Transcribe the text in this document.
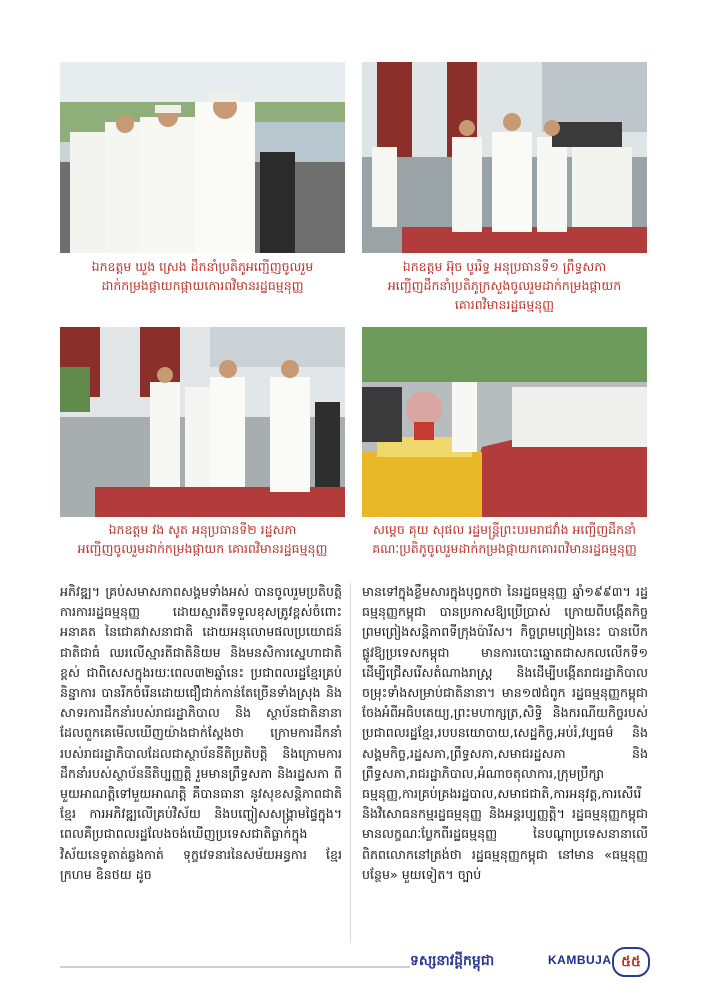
ឯកឧត្ដម ឃួង ស្រេង ដឹកនាំប្រតិភូអញ្ជើញចូលរួម
ដាក់កម្រងផ្កាយកផ្កាយកោរពវិមានរដ្ឋធម្មនុញ្ញ
ឯកឧត្ដម អ៊ុច បូររិទ្ធ អនុប្រធានទី១ ព្រឹទ្ធសភា
អញ្ជើញដឹកនាំប្រតិភូក្រសួងចូលរួមដាក់កម្រងផ្កាយក
គោរពវិមានរដ្ឋធម្មនុញ្ញ
ឯកឧត្ដម វង សូត អនុប្រធានទី២ រដ្ឋសភា
អញ្ជើញចូលរួមដាក់កម្រងផ្កាយក គោរពវិមានរដ្ឋធម្មនុញ្ញ
សម្ដេច គុយ សុផល រដ្ឋមន្ត្រីព្រះបរមរាជវាំង អញ្ជើញដឹកនាំ
គណៈប្រតិភូចូលរួមដាក់កម្រងផ្កាយកគោរពវិមានរដ្ឋធម្មនុញ្ញ

អភិវឌ្ឍ។ គ្រប់សមាសភាពសង្គមទាំងអស់ បានចូលរួមប្រតិបត្តិ ការការរដ្ឋធម្មនុញ្ញ ដោយស្មារតីទទួលខុសត្រូវខ្ពស់ចំពោះអនាគត នៃជោគវាសនាជាតិ ដោយអនុលោមផលប្រយោជន៍ជាតិជាធំ ឈរលើស្មារតីជាតិនិយម និងមនសិការស្នេហាជាតិខ្ពស់ ជាពិសេសក្នុងរយៈពេល៣២ឆ្នាំនេះ ប្រជាពលរដ្ឋខ្មែរគ្រប់និន្នាការ បានរីកចំរើនដោយជឿជាក់កាន់តែច្រើនទាំងស្រុង និងសាទរការដឹកនាំរបស់រាជរដ្ឋាភិបាល និង ស្ថាប័នជាតិនានា ដែលពួកគេមើលឃើញយ៉ាងជាក់ស្ដែងថា ក្រោមការដឹកនាំរបស់រាជរដ្ឋាភិបាលដែលជាស្ថាប័ននីតិប្រតិបត្តិ និងក្រោមការដឹកនាំរបស់ស្ថាប័ននីតិប្បញ្ញត្តិ រួមមានព្រឹទ្ធសភា និងរដ្ឋសភា ពីមួយអាណត្តិទៅមួយអាណត្តិ គឺបានធានា នូវសុខសន្តិភាពជាតិខ្មែរ ការអភិវឌ្ឍលើគ្រប់វិស័យ និងបញ្ចៀសសង្គ្រាមផ្ទៃក្នុង។ ពេលគឺប្រជាពលរដ្ឋលែងចង់ឃើញប្រទេសជាតិធ្លាក់ក្នុងវិស័យនេទូតាត់ឆ្លងកាត់ ទុក្ខវេទនារនៃសម័យអន្ធការ ខ្មែរក្រហម ឧិនថយ ដូច

មានទៅក្នុងខ្លឹមសារក្នុងបុព្វកថា នៃរដ្ឋធម្មនុញ្ញ ឆ្នាំ១៩៩៣។ រដ្ឋធម្មនុញ្ញកម្ពុជា បានប្រកាសឱ្យប្រើប្រាស់ ក្រោយពីបង្កើតកិច្ចព្រមព្រៀងសន្តិភាពទីក្រុងប៉ារីស។ កិច្ចព្រមព្រៀងនេះ បានបើកផ្លូវឱ្យប្រទេសកម្ពុជា មានការបោះឆ្នោតជាសកលលើកទី១ ដើម្បីជ្រើសរើសតំណាងរាស្ត្រ និងដើម្បីបង្កើតរាជរដ្ឋាភិបាលចម្រុះទាំងសម្រាប់ជាតិនានា។ មាន១៧ជំពូក រដ្ឋធម្មនុញ្ញកម្ពុជា ចែងអំពីអធិបតេយ្យ,ព្រះមហាក្សត្រ,សិទ្ធិ និងករណីយកិច្ចរបស់ប្រជាពលរដ្ឋខ្មែរ,របបនយោបាយ,សេដ្ឋកិច្ច,អប់រំ,វប្បធម៌ និងសង្គមកិច្ច,រដ្ឋសភា,ព្រឹទ្ធសភា,សមាជរដ្ឋសភា និងព្រឹទ្ធសភា,រាជរដ្ឋាភិបាល,អំណាចតុលាការ,ក្រុមប្រឹក្សាធម្មនុញ្ញ,ការគ្រប់គ្រងរដ្ឋបាល,សមាជជាតិ,ការអនុវត្ត,ការសើរើ និងវិសោធនកម្មរដ្ឋធម្មនុញ្ញ និងអន្តរប្បញ្ញត្តិ។ រដ្ឋធម្មនុញ្ញកម្ពុជា មានលក្ខណៈប្លែកពីរដ្ឋធម្មនុញ្ញ នៃបណ្ដាប្រទេសនានាលើពិភពលោកនៅត្រង់ថា រដ្ឋធម្មនុញ្ញកម្ពុជា នៅមាន «ធម្មនុញ្ញបន្ថែម» មួយទៀត។ ច្បាប់

ទស្សនាវដ្ដីកម្ពុជា	KAMBUJA ៥៥
